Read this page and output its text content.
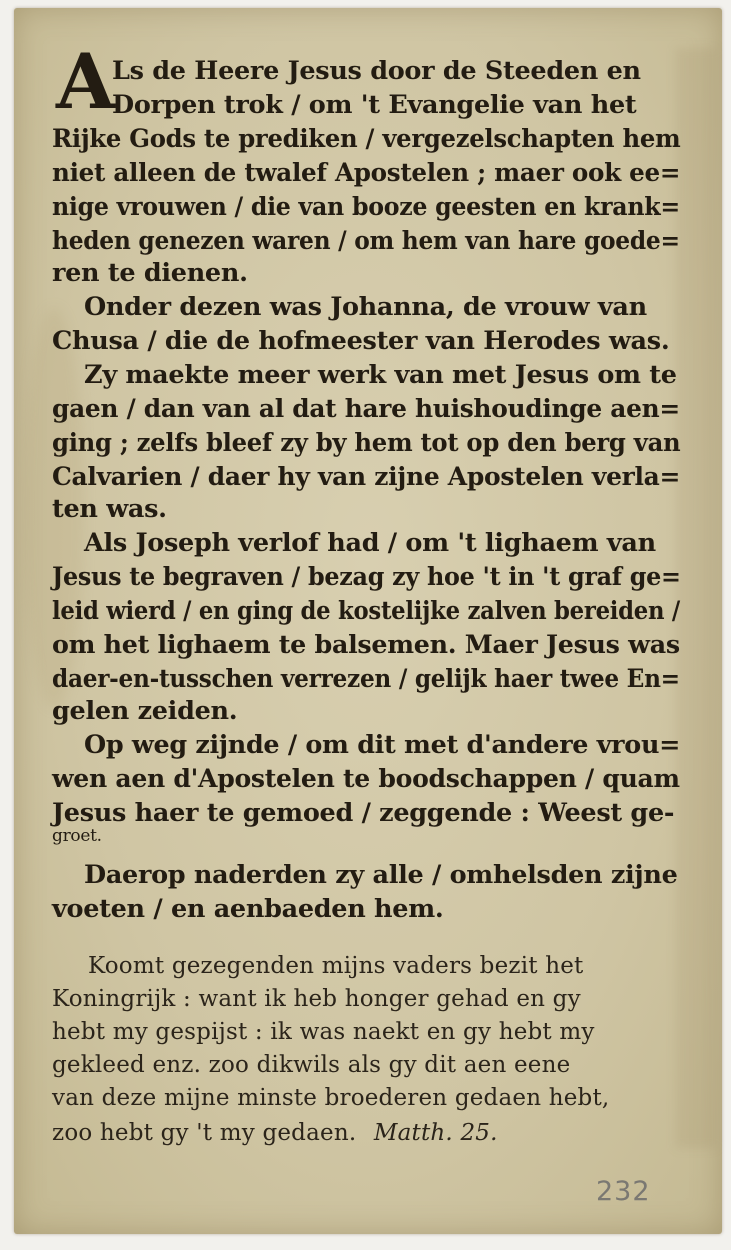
A
Ls de Heere Jesus door de Steeden en
Dorpen trok / om 't Evangelie van het
Rijke Gods te prediken / vergezelschapten hem
niet alleen de twalef Apostelen ; maer ook ee=
nige vrouwen / die van booze geesten en krank=
heden genezen waren / om hem van hare goede=
ren te dienen.
Onder dezen was Johanna, de vrouw van
Chusa / die de hofmeester van Herodes was.
Zy maekte meer werk van met Jesus om te
gaen / dan van al dat hare huishoudinge aen=
ging ; zelfs bleef zy by hem tot op den berg van
Calvarien / daer hy van zijne Apostelen verla=
ten was.
Als Joseph verlof had / om 't lighaem van
Jesus te begraven / bezag zy hoe 't in 't graf ge=
leid wierd / en ging de kostelijke zalven bereiden /
om het lighaem te balsemen. Maer Jesus was
daer-en-tusschen verrezen / gelijk haer twee En=
gelen zeiden.
Op weg zijnde / om dit met d'andere vrou=
wen aen d'Apostelen te boodschappen / quam
Jesus haer te gemoed / zeggende : Weest ge-
groet.
Daerop naderden zy alle / omhelsden zijne
voeten / en aenbaeden hem.
Koomt gezegenden mijns vaders bezit het
Koningrijk : want ik heb honger gehad en gy
hebt my gespijst : ik was naekt en gy hebt my
gekleed enz. zoo dikwils als gy dit aen eene
van deze mijne minste broederen gedaen hebt,
zoo hebt gy 't my gedaen. Matth. 25.
232
